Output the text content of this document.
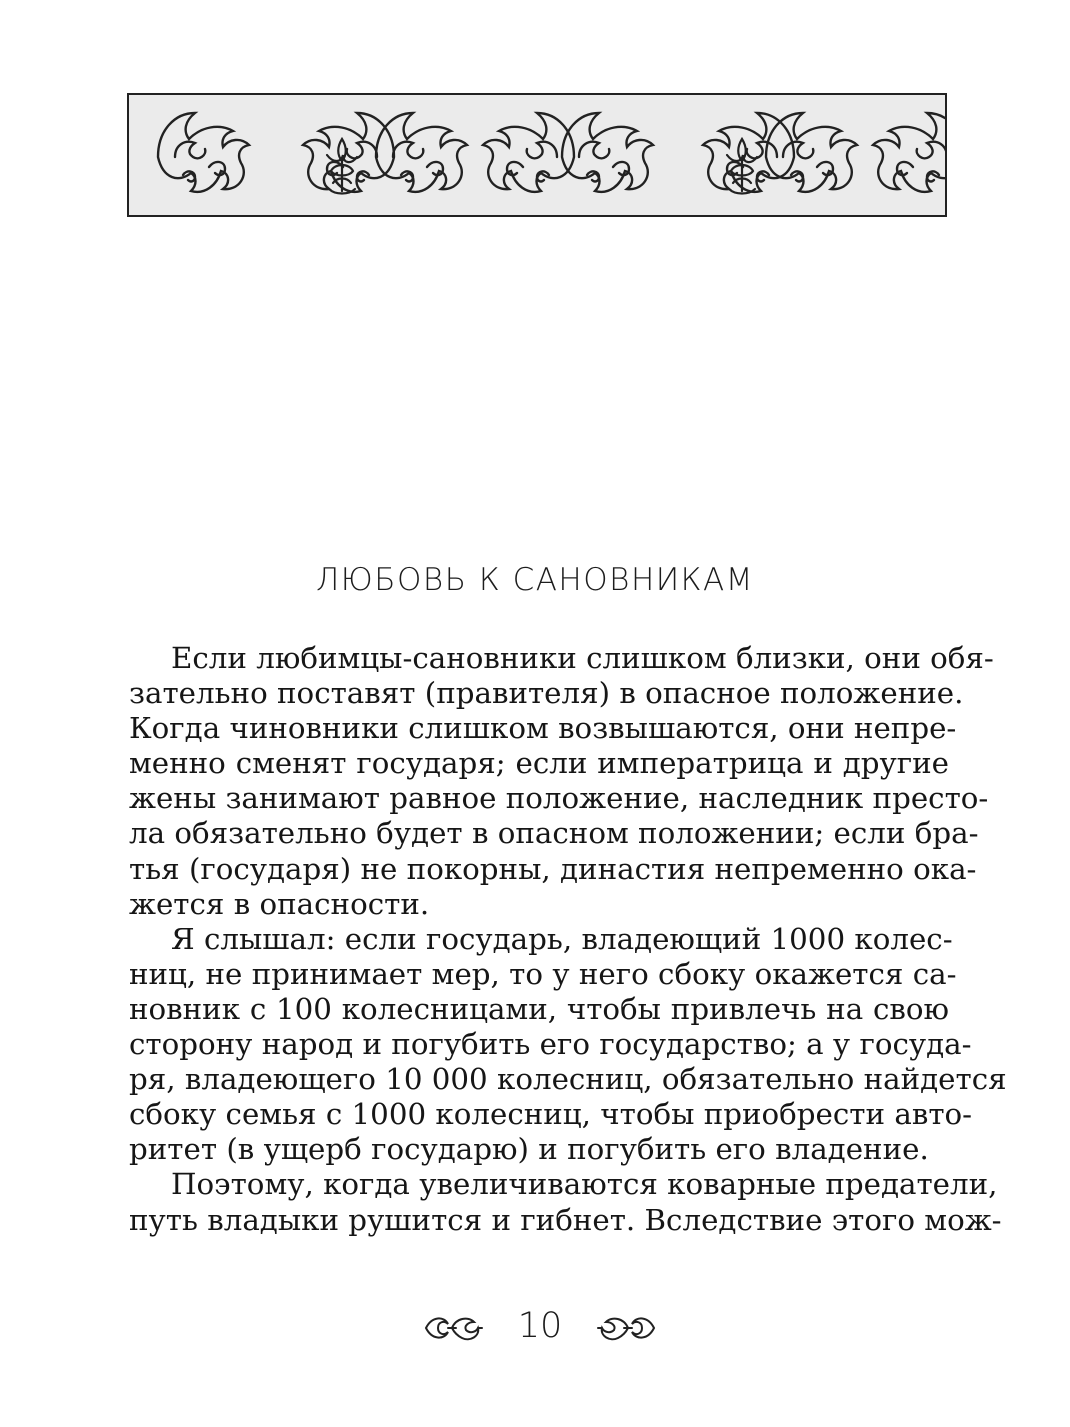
ЛЮБОВЬ К САНОВНИКАМ

Если любимцы-сановники слишком близки, они обя-
зательно поставят (правителя) в опасное положение.
Когда чиновники слишком возвышаются, они непре-
менно сменят государя; если императрица и другие
жены занимают равное положение, наследник престо-
ла обязательно будет в опасном положении; если бра-
тья (государя) не покорны, династия непременно ока-
жется в опасности.

Я слышал: если государь, владеющий 1000 колес-
ниц, не принимает мер, то у него сбоку окажется са-
новник с 100 колесницами, чтобы привлечь на свою
сторону народ и погубить его государство; а у госуда-
ря, владеющего 10 000 колесниц, обязательно найдется
сбоку семья с 1000 колесниц, чтобы приобрести авто-
ритет (в ущерб государю) и погубить его владение.

Поэтому, когда увеличиваются коварные предатели,
путь владыки рушится и гибнет. Вследствие этого мож-

10
